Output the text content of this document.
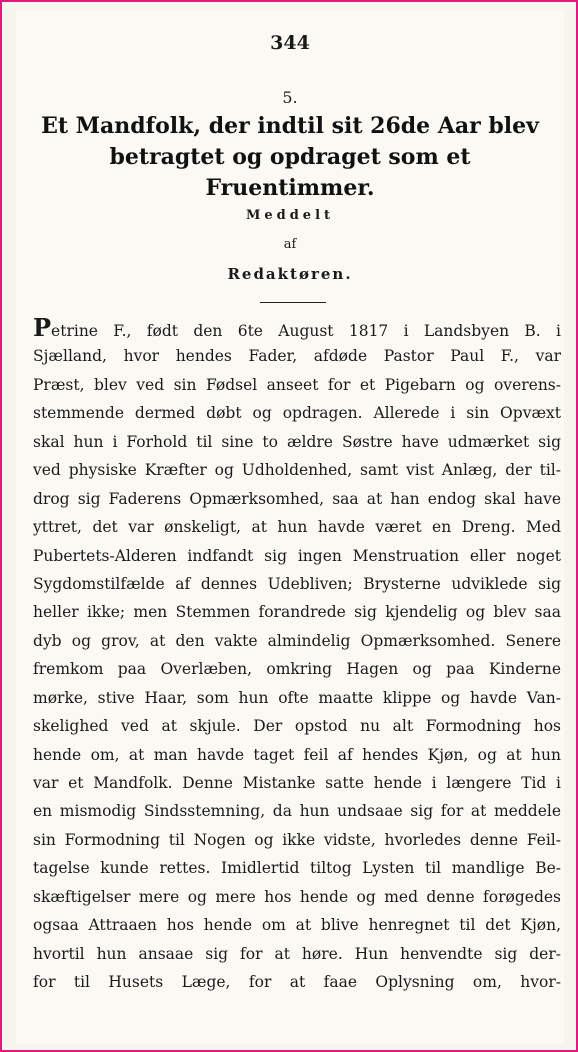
344
5.
Et Mandfolk, der indtil sit 26de Aar blev
betragtet og opdraget som et
Fruentimmer.
Meddelt
af
Redaktøren.
Petrine F., født den 6te August 1817 i Landsbyen B. i
Sjælland, hvor hendes Fader, afdøde Pastor Paul F., var
Præst, blev ved sin Fødsel anseet for et Pigebarn og overens-
stemmende dermed døbt og opdragen. Allerede i sin Opvæxt
skal hun i Forhold til sine to ældre Søstre have udmærket sig
ved physiske Kræfter og Udholdenhed, samt vist Anlæg, der til-
drog sig Faderens Opmærksomhed, saa at han endog skal have
yttret, det var ønskeligt, at hun havde været en Dreng. Med
Pubertets-Alderen indfandt sig ingen Menstruation eller noget
Sygdomstilfælde af dennes Udebliven; Brysterne udviklede sig
heller ikke; men Stemmen forandrede sig kjendelig og blev saa
dyb og grov, at den vakte almindelig Opmærksomhed. Senere
fremkom paa Overlæben, omkring Hagen og paa Kinderne
mørke, stive Haar, som hun ofte maatte klippe og havde Van-
skelighed ved at skjule. Der opstod nu alt Formodning hos
hende om, at man havde taget feil af hendes Kjøn, og at hun
var et Mandfolk. Denne Mistanke satte hende i længere Tid i
en mismodig Sindsstemning, da hun undsaae sig for at meddele
sin Formodning til Nogen og ikke vidste, hvorledes denne Feil-
tagelse kunde rettes. Imidlertid tiltog Lysten til mandlige Be-
skæftigelser mere og mere hos hende og med denne forøgedes
ogsaa Attraaen hos hende om at blive henregnet til det Kjøn,
hvortil hun ansaae sig for at høre. Hun henvendte sig der-
for til Husets Læge, for at faae Oplysning om, hvor-
